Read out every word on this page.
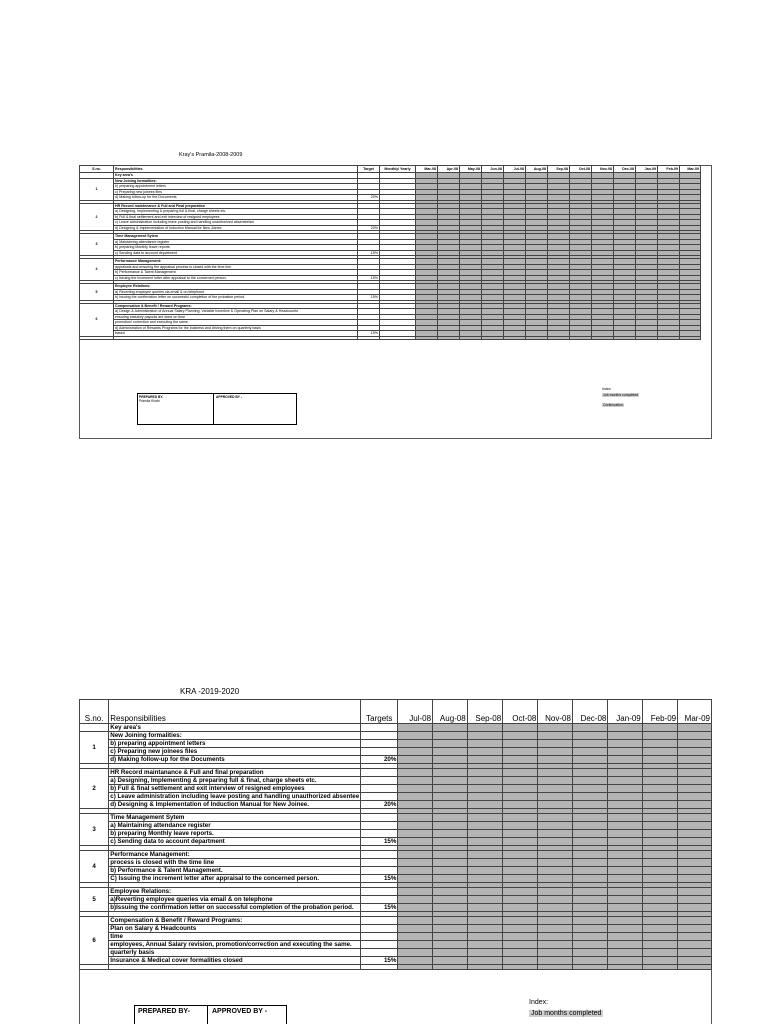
Kray's Pramila-2008-2009
S.no.	Responsibilities	Target	Monthly/ Yearly	Mar-08	Apr-08	May-08	Jun-08	Jul-08	Aug-08	Sep-08	Oct-08	Nov-08	Dec-08	Jan-09	Feb-09	Mar-09
	Key area's															
1	New Joining formalities:															
	b) preparing appointment letters															
	c) Preparing new joinees files															
	d) Making follow-up for the Documents	20%														

2	HR Record maintenance & Full and Final preparation															
	a) Designing, Implementing & preparing full & final, charge sheets etc.															
	b) Full & final settlement and exit interview of resigned employees															
	c) Leave administration including leave posting and handling unauthorized absenteeism															
	d) Designing & Implementation of Induction Manual for New Joinee.	20%														

3	Time Management Sytem															
	a) Maintaining attendance register															
	b) preparing Monthly leave reports															
	c) Sending data to account department	15%														

4	Performance Management:															
	appraisals and ensuring the appraisal process is closed with the time line															
	b) Performance & Talent Management															
	c) Issuing the increment letter after appraisal to the concerned person.	15%														

5	Employee Relations:															
	a) Reverting employee queries via email & on telephone															
	b) Issuing the confirmation letter on successful completion of the probation period.	15%														

6	Compensation & Benefit / Reward Programs:															
	a) Design & Administration of Annual Salary Planning, Variable Incentive & Operating Plan on Salary & Headcounts															
	ensuring statutory payouts are done on time															
	promotion/ correction and executing the same.															
	d) Administration of Rewards Programs for the business and driving them on quarterly basis															
	based	15%														

PREPARED BY-
Pramila Khatri
APPROVED BY -
Index:
Job months completed
Continuation
KRA -2019-2020
S.no.	Responsibilities	Targets	Jul-08	Aug-08	Sep-08	Oct-08	Nov-08	Dec-08	Jan-09	Feb-09	Mar-09
	Key area's										
1	New Joining formalities:										
	b) preparing appointment letters										
	c) Preparing new joinees files										
	d) Making follow-up for the Documents	20%									

2	HR Record maintanance & Full and final preparation										
	a) Designing, Implementing & preparing full & final, charge sheets etc.										
	b) Full & final settlement and exit interview of resigned employees										
	c) Leave administration including leave posting and handling unauthorized absentee										
	d) Designing & Implementation of Induction Manual for New Joinee.	20%									

3	Time Management Sytem										
	a) Maintaining attendance register										
	b) preparing Monthly leave reports.										
	c) Sending data to account department	15%									

4	Performance Management:										
	process is closed with the time line										
	b) Performance & Talent Management.										
	C) Issuing the increment letter after appraisal to the concerned person.	15%									

5	Employee Relations:										
	a)Reverting employee queries via email & on telephone										
	b)Issuing the confirmation letter on successful completion of the probation period.	15%									

6	Compensation & Benefit / Reward Programs:										
	Plan on Salary & Headcounts										
	time										
	employees, Annual Salary revision, promotion/correction and executing the same.										
	quarterly basis										
	Insurance & Medical cover formalities closed	15%									

PREPARED BY-	APPROVED BY -
Index:
Job months completed
